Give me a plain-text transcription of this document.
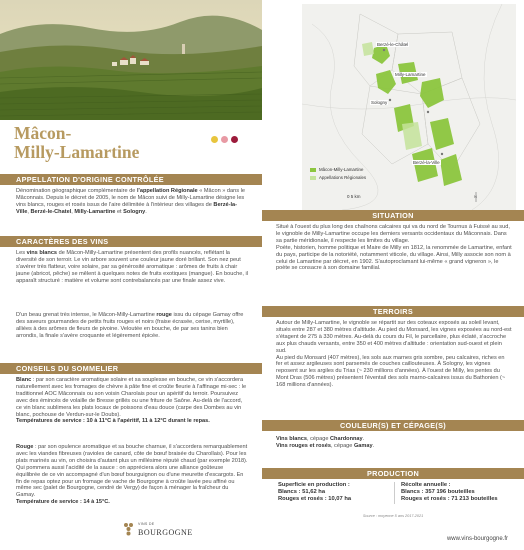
Mâcon-
Milly-Lamartine
APPELLATION D'ORIGINE CONTRÔLÉE
Dénomination géographique complémentaire de l'appellation Régionale « Mâcon » dans le Mâconnais. Depuis le décret de 2005, le nom de Mâcon suivi de Milly-Lamartine désigne les vins blancs, rouges et rosés issus de l'aire délimitée à l'intérieur des villages de Berzé-la-Ville, Berzé-le-Chatel, Milly-Lamartine et Sologny.
CARACTÈRES DES VINS
Les vins blancs de Mâcon-Milly-Lamartine présentent des profils nuancés, reflétant la diversité de son terroir. Le vin arbore souvent une couleur jaune doré brillant. Son nez peut s'avérer très flatteur, voire solaire, par sa générosité aromatique : arômes de fruits à chair jaune (abricot, pêche) se mêlent à quelques notes de fruits exotiques (mangue). En bouche, il apparaît structuré : matière et volume sont contrebalancés par une finale assez vive.
D'un beau grenat très intense, le Mâcon-Milly-Lamartine rouge issu du cépage Gamay offre des saveurs gourmandes de petits fruits rouges et noirs (fraise écrasée, cerise, myrtille), alliées à des arômes de fleurs de pivoine. Veloutée en bouche, de par ses tanins bien arrondis, la finale s'avère croquante et légèrement épicée.
CONSEILS DU SOMMELIER
Blanc : par son caractère aromatique solaire et sa souplesse en bouche, ce vin s'accordera naturellement avec les fromages de chèvre à pâte fine et croûte fleurie à l'affinage mi-sec : le traditionnel AOC Mâconnais ou son voisin Charolais pour un apéritif du terroir. Poursuivez avec des émincés de volaille de Bresse grillés ou une friture de Saône. Au-delà de l'accord, ce vin blanc sublimera les plats locaux de poissons d'eau douce (carpe des Dombes au vin blanc, pochouse de Verdun-sur-le Doubs).
Températures de service : 10 à 11°C à l'apéritif, 11 à 12°C durant le repas.
Rouge : par son opulence aromatique et sa bouche charnue, il s'accordera remarquablement avec les viandes fibreuses (ravioles de canard, côte de bœuf braisée du Charollais). Pour les plats marinés au vin, on choisira d'autant plus un millésime réputé chaud (par exemple 2018). Qui pommera aussi l'acidité de la sauce : on appréciera alors une alliance goûteuse équilibrée de ce vin accompagné d'un bœuf bourguignon ou d'une meurette d'escargots. En fin de repas optez pour un fromage de vache de Bourgogne à croûte lavée peu affiné ou même sec (palet de Bourgogne, cendré de Vergy) de façon à ménager la fraîcheur du Gamay.
Température de service : 14 à 15°C.
VINS DE
BOURGOGNE
N
Berzé-le-Châtel
Milly-Lamartine
Sologny
Berzé-la-Ville
Mâcon-Milly-Lamartine
Appellations Régionales
0 5 km
SITUATION
Situé à l'ouest du plus long des chaînons calcaires qui va du nord de Tournus à Fuissé au sud, le vignoble de Milly-Lamartine occupe les derniers versants occidentaux du Mâconnais. Dans sa partie méridionale, il respecte les limites du village.
Poète, historien, homme politique et Maire de Milly en 1812, la renommée de Lamartine, enfant du pays, participe de la notoriété, notamment viticole, du village. Ainsi, Milly associe son nom à celui de Lamartine par décret, en 1902. S'autoproclamant lui-même « grand vigneron », le poète se consacre à son domaine familial.
TERROIRS
Autour de Milly-Lamartine, le vignoble se répartit sur des coteaux exposés au soleil levant, situés entre 287 et 380 mètres d'altitude. Au pied du Monsard, les vignes exposées au nord-est s'étagent de 275 à 330 mètres. Au-delà du cours du Fil, le parcellaire, plus éclaté, s'accroche aux plus chauds versants, entre 350 et 400 mètres d'altitude : orientation sud-ouest et plein sud.
Au pied du Monsard (407 mètres), les sols aux marnes gris sombre, peu calcaires, riches en fer et assez argileuses sont parsemés de couches caillouteuses. À Sologny, les vignes reposent sur les argiles du Trias (~ 230 millions d'années). À l'ouest de Milly, les pentes du Mont Dras (506 mètres) présentent l'éventail des sols marno-calcaires issus du Bathonien (~ 168 millions d'années).
COULEUR(S) ET CÉPAGE(S)
Vins blancs, cépage Chardonnay.
Vins rouges et rosés, cépage Gamay.
PRODUCTION
Superficie en production :
Blancs : 51,62 ha
Rouges et rosés : 10,07 ha
Récolte annuelle :
Blancs : 357 196 bouteilles
Rouges et rosés : 71 213 bouteilles
Source : moyenne 5 ans 2017-2021
www.vins-bourgogne.fr
